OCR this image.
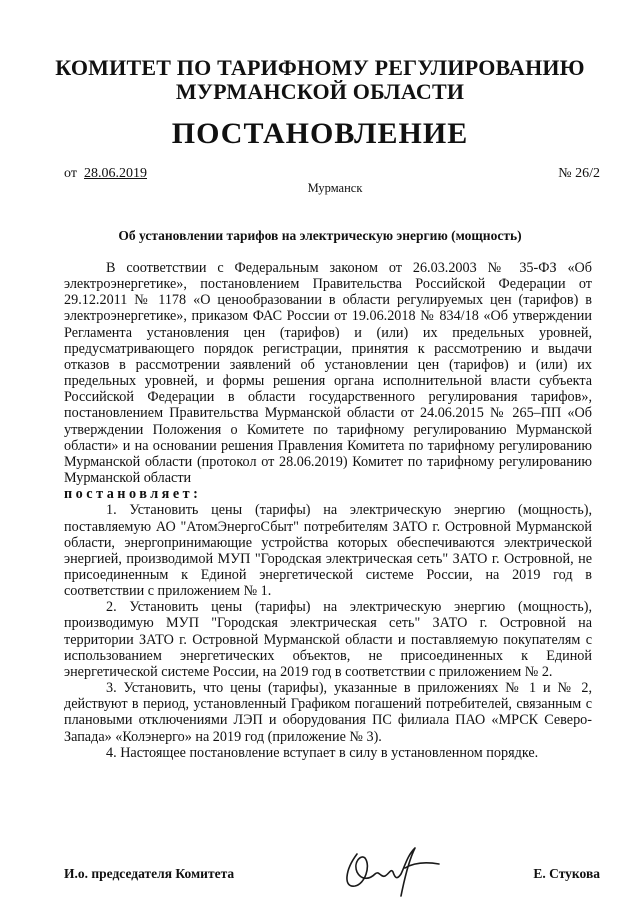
КОМИТЕТ ПО ТАРИФНОМУ РЕГУЛИРОВАНИЮ
МУРМАНСКОЙ ОБЛАСТИ
ПОСТАНОВЛЕНИЕ
от 28.06.2019	№ 26/2
Мурманск
Об установлении тарифов на электрическую энергию (мощность)

В соответствии с Федеральным законом от 26.03.2003 № 35-ФЗ «Об электроэнергетике», постановлением Правительства Российской Федерации от 29.12.2011 № 1178 «О ценообразовании в области регулируемых цен (тарифов) в электроэнергетике», приказом ФАС России от 19.06.2018 № 834/18 «Об утверждении Регламента установления цен (тарифов) и (или) их предельных уровней, предусматривающего порядок регистрации, принятия к рассмотрению и выдачи отказов в рассмотрении заявлений об установлении цен (тарифов) и (или) их предельных уровней, и формы решения органа исполнительной власти субъекта Российской Федерации в области государственного регулирования тарифов», постановлением Правительства Мурманской области от 24.06.2015 № 265–ПП «Об утверждении Положения о Комитете по тарифному регулированию Мурманской области» и на основании решения Правления Комитета по тарифному регулированию Мурманской области (протокол от 28.06.2019) Комитет по тарифному регулированию Мурманской области

постановляет:

1. Установить цены (тарифы) на электрическую энергию (мощность), поставляемую АО "АтомЭнергоСбыт" потребителям ЗАТО г. Островной Мурманской области, энергопринимающие устройства которых обеспечиваются электрической энергией, производимой МУП "Городская электрическая сеть" ЗАТО г. Островной, не присоединенным к Единой энергетической системе России, на 2019 год в соответствии с приложением № 1.

2. Установить цены (тарифы) на электрическую энергию (мощность), производимую МУП "Городская электрическая сеть" ЗАТО г. Островной на территории ЗАТО г. Островной Мурманской области и поставляемую покупателям с использованием энергетических объектов, не присоединенных к Единой энергетической системе России, на 2019 год в соответствии с приложением № 2.

3. Установить, что цены (тарифы), указанные в приложениях № 1 и № 2, действуют в период, установленный Графиком погашений потребителей, связанным с плановыми отключениями ЛЭП и оборудования ПС филиала ПАО «МРСК Северо-Запада» «Колэнерго» на 2019 год (приложение № 3).

4. Настоящее постановление вступает в силу в установленном порядке.

И.о. председателя Комитета	Е. Стукова
